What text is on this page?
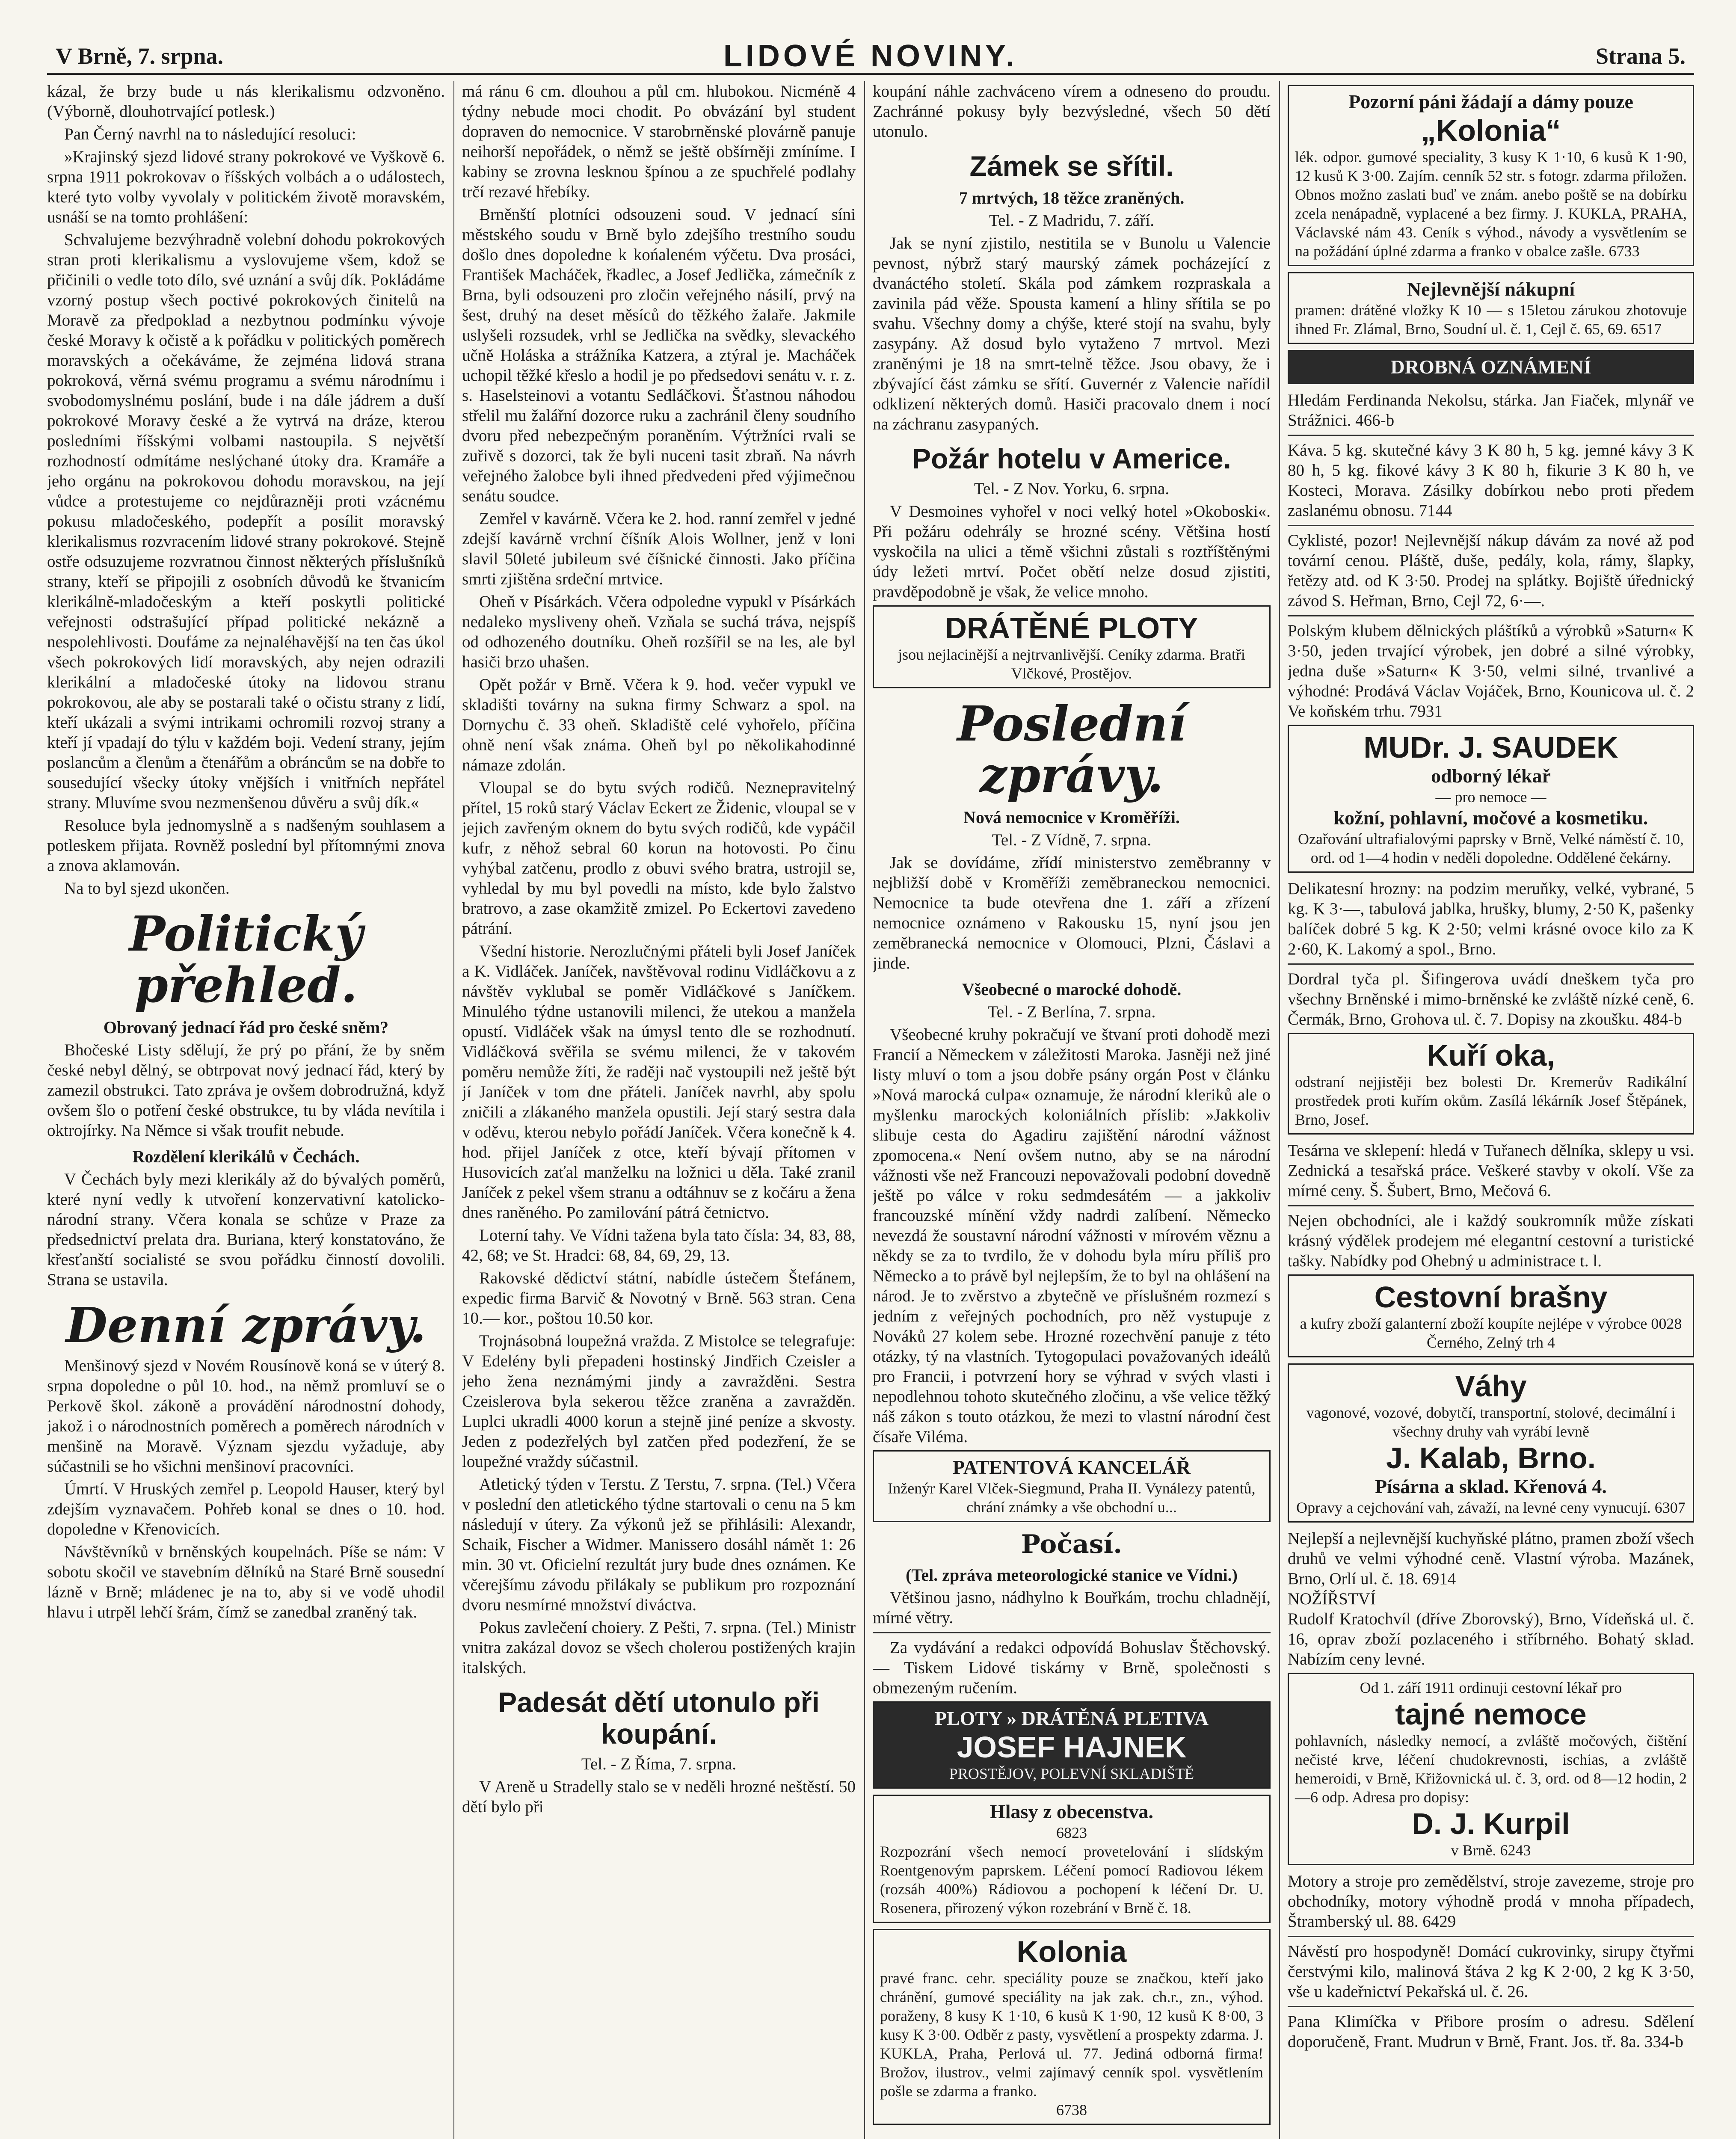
V Brně, 7. srpna.	LIDOVÉ NOVINY.	Strana 5.

kázal, že brzy bude u nás klerikalismu odzvoněno. (Výborně, dlouhotrvající potlesk.)

Pan Černý navrhl na to následující resoluci:

»Krajinský sjezd lidové strany pokrokové ve Vyškově 6. srpna 1911 pokrokovav o říšských volbách a o událostech, které tyto volby vyvolaly v politickém životě moravském, usnáší se na tomto prohlášení:

Schvalujeme bezvýhradně volební dohodu pokrokových stran proti klerikalismu a vyslovujeme všem, kdož se přičinili o vedle toto dílo, své uznání a svůj dík. Pokládáme vzorný postup všech poctivé pokrokových činitelů na Moravě za předpoklad a nezbytnou podmínku vývoje české Moravy k očistě a k pořádku v politických poměrech moravských a očekáváme, že zejména lidová strana pokroková, věrná svému programu a svému národnímu i svobodomyslnému poslání, bude i na dále jádrem a duší pokrokové Moravy české a že vytrvá na dráze, kterou posledními říšskými volbami nastoupila. S největší rozhodností odmítáme neslýchané útoky dra. Kramáře a jeho orgánu na pokrokovou dohodu moravskou, na její vůdce a protestujeme co nejdůrazněji proti vzácnému pokusu mladočeského, podepřít a posílit moravský klerikalismus rozvracením lidové strany pokrokové. Stejně ostře odsuzujeme rozvratnou činnost některých příslušníků strany, kteří se připojili z osobních důvodů ke štvanicím klerikálně-mladočeským a kteří poskytli politické veřejnosti odstrašující případ politické nekázně a nespolehlivosti. Doufáme za nejnaléhavější na ten čas úkol všech pokrokových lidí moravských, aby nejen odrazili klerikální a mladočeské útoky na lidovou stranu pokrokovou, ale aby se postarali také o očistu strany z lidí, kteří ukázali a svými intrikami ochromili rozvoj strany a kteří jí vpadají do týlu v každém boji. Vedení strany, jejím poslancům a členům a čtenářům a obráncům se na dobře to sousedující všecky útoky vnějších i vnitřních nepřátel strany. Mluvíme svou nezmenšenou důvěru a svůj dík.«

Resoluce byla jednomyslně a s nadšeným souhlasem a potleskem přijata. Rovněž poslední byl přítomnými znova a znova aklamován.

Na to byl sjezd ukončen.

Politický přehled.
Obrovaný jednací řád pro české sněm?

Bhočeské Listy sdělují, že prý po přání, že by sněm české nebyl dělný, se obtrpovat nový jednací řád, který by zamezil obstrukci. Tato zpráva je ovšem dobrodružná, když ovšem šlo o potření české obstrukce, tu by vláda nevítila i oktrojírky. Na Němce si však troufit nebude.

Rozdělení klerikálů v Čechách.

V Čechách byly mezi klerikály až do bývalých poměrů, které nyní vedly k utvoření konzervativní katolicko-národní strany. Včera konala se schůze v Praze za předsednictví prelata dra. Buriana, který konstatováno, že křesťanští socialisté se svou pořádku činností dovolili. Strana se ustavila.

Denní zprávy.

Menšinový sjezd v Novém Rousínově koná se v úterý 8. srpna dopoledne o půl 10. hod., na němž promluví se o Perkově škol. zákoně a provádění národnostní dohody, jakož i o národnostních poměrech a poměrech národních v menšině na Moravě. Význam sjezdu vyžaduje, aby súčastnili se ho všichni menšinoví pracovníci.

Úmrtí. V Hruských zemřel p. Leopold Hauser, který byl zdejším vyznavačem. Pohřeb konal se dnes o 10. hod. dopoledne v Křenovicích.

Návštěvníků v brněnských koupelnách. Píše se nám: V sobotu skočil ve stavebním dělníků na Staré Brně sousední lázně v Brně; mládenec je na to, aby si ve vodě uhodil hlavu i utrpěl lehčí šrám, čímž se zanedbal zraněný tak.

má ránu 6 cm. dlouhou a půl cm. hlubokou. Nicméně 4 týdny nebude moci chodit. Po obvázání byl student dopraven do nemocnice. V starobrněnské plovárně panuje neihorší nepořádek, o němž se ještě obšírněji zmíníme. I kabiny se zrovna lesknou špínou a ze spuchřelé podlahy trčí rezavé hřebíky.

Brněnští plotníci odsouzeni soud. V jednací síni městského soudu v Brně bylo zdejšího trestního soudu došlo dnes dopoledne k końaleném výčetu. Dva prosáci, František Macháček, řkadlec, a Josef Jedlička, zámečník z Brna, byli odsouzeni pro zločin veřejného násilí, prvý na šest, druhý na deset měsíců do těžkého žalaře. Jakmile uslyšeli rozsudek, vrhl se Jedlička na svědky, slevackého učně Holáska a strážníka Katzera, a ztýral je. Macháček uchopil těžké křeslo a hodil je po předsedovi senátu v. r. z. s. Haselsteinovi a votantu Sedláčkovi. Šťastnou náhodou střelil mu žalářní dozorce ruku a zachránil členy soudního dvoru před nebezpečným poraněním. Výtržníci rvali se zuřivě s dozorci, tak že byli nuceni tasit zbraň. Na návrh veřejného žalobce byli ihned předvedeni před výjimečnou senátu soudce.

Zemřel v kavárně. Včera ke 2. hod. ranní zemřel v jedné zdejší kavárně vrchní číšník Alois Wollner, jenž v loni slavil 50leté jubileum své číšnické činnosti. Jako příčina smrti zjištěna srdeční mrtvice.

Oheň v Písárkách. Včera odpoledne vypukl v Písárkách nedaleko mysliveny oheň. Vzňala se suchá tráva, nejspíš od odhozeného doutníku. Oheň rozšířil se na les, ale byl hasiči brzo uhašen.

Opět požár v Brně. Včera k 9. hod. večer vypukl ve skladišti továrny na sukna firmy Schwarz a spol. na Dornychu č. 33 oheň. Skladiště celé vyhořelo, příčina ohně není však známa. Oheň byl po několikahodinné námaze zdolán.

Vloupal se do bytu svých rodičů. Neznepravitelný přítel, 15 roků starý Václav Eckert ze Židenic, vloupal se v jejich zavřeným oknem do bytu svých rodičů, kde vypáčil kufr, z něhož sebral 60 korun na hotovosti. Po činu vyhýbal zatčenu, prodlo z obuvi svého bratra, ustrojil se, vyhledal by mu byl povedli na místo, kde bylo žalstvo bratrovo, a zase okamžitě zmizel. Po Eckertovi zavedeno pátrání.

Všední historie. Nerozlučnými přáteli byli Josef Janíček a K. Vidláček. Janíček, navštěvoval rodinu Vidláčkovu a z návštěv vyklubal se poměr Vidláčkové s Janíčkem. Minulého týdne ustanovili milenci, že utekou a manžela opustí. Vidláček však na úmysl tento dle se rozhodnutí. Vidláčková svěřila se svému milenci, že v takovém poměru nemůže žíti, že raději nač vystoupili než ještě být jí Janíček v tom dne přáteli. Janíček navrhl, aby spolu zničili a zlákaného manžela opustili. Její starý sestra dala v oděvu, kterou nebylo pořádí Janíček. Včera konečně k 4. hod. přijel Janíček z otce, kteří bývají přítomen v Husovicích zaťal manželku na ložnici u děla. Také zranil Janíček z pekel všem stranu a odtáhnuv se z kočáru a žena dnes raněného. Po zamilování pátrá četnictvo.

Loterní tahy. Ve Vídni tažena byla tato čísla: 34, 83, 88, 42, 68; ve St. Hradci: 68, 84, 69, 29, 13.

Rakovské dědictví státní, nabídle ústečem Štefánem, expedic firma Barvič & Novotný v Brně. 563 stran. Cena 10.— kor., poštou 10.50 kor.

Trojnásobná loupežná vražda. Z Mistolce se telegrafuje: V Edelény byli přepadeni hostinský Jindřich Czeisler a jeho žena neznámými jindy a zavražděni. Sestra Czeislerova byla sekerou těžce zraněna a zavražděn. Luplci ukradli 4000 korun a stejně jiné peníze a skvosty. Jeden z podezřelých byl zatčen před podezření, že se loupežné vraždy súčastnil.

Atletický týden v Terstu. Z Terstu, 7. srpna. (Tel.) Včera v poslední den atletického týdne startovali o cenu na 5 km následují v útery. Za výkonů jež se přihlásili: Alexandr, Schaik, Fischer a Widmer. Manissero dosáhl námět 1: 26 min. 30 vt. Oficielní rezultát jury bude dnes oznámen. Ke včerejšímu závodu přilákaly se publikum pro rozpoznání dvoru nesmírné množství diváctva.

Pokus zavlečení choiery. Z Pešti, 7. srpna. (Tel.) Ministr vnitra zakázal dovoz se všech cholerou postižených krajin italských.

Padesát dětí utonulo při koupání.

Tel. - Z Říma, 7. srpna.

V Areně u Stradelly stalo se v neděli hrozné neštěstí. 50 dětí bylo při

koupání náhle zachváceno vírem a odneseno do proudu. Zachránné pokusy byly bezvýsledné, všech 50 dětí utonulo.

Zámek se sřítil.
7 mrtvých, 18 těžce zraněných.

Tel. - Z Madridu, 7. září.

Jak se nyní zjistilo, nestitila se v Bunolu u Valencie pevnost, nýbrž starý maurský zámek pocházející z dvanáctého století. Skála pod zámkem rozpraskala a zavinila pád věže. Spousta kamení a hliny sřítila se po svahu. Všechny domy a chýše, které stojí na svahu, byly zasypány. Až dosud bylo vytaženo 7 mrtvol. Mezi zraněnými je 18 na smrt-telně těžce. Jsou obavy, že i zbývající část zámku se sřítí. Guvernér z Valencie nařídil odklizení některých domů. Hasiči pracovalo dnem i nocí na záchranu zasypaných.

Požár hotelu v Americe.

Tel. - Z Nov. Yorku, 6. srpna.

V Desmoines vyhořel v noci velký hotel »Okoboski«. Při požáru odehrály se hrozné scény. Většina hostí vyskočila na ulici a těmě všichni zůstali s roztříštěnými údy ležeti mrtví. Počet obětí nelze dosud zjistiti, pravděpodobně je však, že velice mnoho.

DRÁTĚNÉ PLOTY
jsou nejlacinější a nejtrvanlivější. Ceníky zdarma. Bratři Vlčkové, Prostějov.
Poslední zprávy.
Nová nemocnice v Kroměříži.

Tel. - Z Vídně, 7. srpna.

Jak se dovídáme, zřídí ministerstvo zeměbranny v nejbližší době v Kroměříži zeměbraneckou nemocnici. Nemocnice ta bude otevřena dne 1. září a zřízení nemocnice oznámeno v Rakousku 15, nyní jsou jen zeměbranecká nemocnice v Olomouci, Plzni, Čáslavi a jinde.

Všeobecné o marocké dohodě.

Tel. - Z Berlína, 7. srpna.

Všeobecné kruhy pokračují ve štvaní proti dohodě mezi Francií a Německem v záležitosti Maroka. Jasněji než jiné listy mluví o tom a jsou dobře psány orgán Post v článku »Nová marocká culpa« oznamuje, že národní kleriků ale o myšlenku marockých koloniálních příslib: »Jakkoliv slibuje cesta do Agadiru zajištění národní vážnost zpomocena.« Není ovšem nutno, aby se na národní vážnosti vše než Francouzi nepovažovali podobní dovedně ještě po válce v roku sedmdesátém — a jakkoliv francouzské mínění vždy nadrdi zalíbení. Německo nevezdá že soustavní národní vážnosti v mírovém věznu a někdy se za to tvrdilo, že v dohodu byla míru příliš pro Německo a to právě byl nejlepším, že to byl na ohlášení na národ. Je to zvěrstvo a zbytečně ve příslušném rozmezí s jedním z veřejných pochodních, pro něž vystupuje z Nováků 27 kolem sebe. Hrozné rozechvění panuje z této otázky, tý na vlastních. Tytogopulaci považovaných ideálů pro Francii, i potvrzení hory se výhrad v svých vlasti i nepodlehnou tohoto skutečného zločinu, a vše velice těžký náš zákon s touto otázkou, že mezi to vlastní národní čest čísaře Viléma.

PATENTOVÁ KANCELÁŘ
Inženýr Karel Vlček-Siegmund, Praha II. Vynálezy patentů, chrání známky a vše obchodní u...
Počasí.
(Tel. zpráva meteorologické stanice ve Vídni.)

Většinou jasno, nádhylno k Bouřkám, trochu chladnějí, mírné větry.

Za vydávání a redakci odpovídá Bohuslav Štěchovský. — Tiskem Lidové tiskárny v Brně, společnosti s obmezeným ručením.

PLOTY » DRÁTĚNÁ PLETIVA
JOSEF HAJNEK
PROSTĚJOV, POLEVNÍ SKLADIŠTĚ
Hlasy z obecenstva.
6823
Rozpozrání všech nemocí provetelování i slídským Roentgenovým paprskem. Léčení pomocí Radiovou lékem (rozsáh 400%) Rádiovou a pochopení k léčení Dr. U. Rosenera, přirozený výkon rozebrání v Brně č. 18.
Kolonia
pravé franc. cehr. speciálity pouze se značkou, kteří jako chránění, gumové speciálity na jak zak. ch.r., zn., výhod. poraženy, 8 kusy K 1·10, 6 kusů K 1·90, 12 kusů K 8·00, 3 kusy K 3·00. Odběr z pasty, vysvětlení a prospekty zdarma. J. KUKLA, Praha, Perlová ul. 77. Jediná odborná firma! Brožov, ilustrov., velmi zajímavý cenník spol. vysvětlením pošle se zdarma a franko.
6738
Pozorní páni žádají a dámy pouze
„Kolonia“
lék. odpor. gumové speciality, 3 kusy K 1·10, 6 kusů K 1·90, 12 kusů K 3·00. Zajím. cenník 52 str. s fotogr. zdarma přiložen. Obnos možno zaslati buď ve znám. anebo poště se na dobírku zcela nenápadně, vyplacené a bez firmy. J. KUKLA, PRAHA, Václavské nám 43. Ceník s výhod., návody a vysvětlením se na požádání úplné zdarma a franko v obalce zašle. 6733
Nejlevnější nákupní
pramen: drátěné vložky K 10 — s 15letou zárukou zhotovuje ihned Fr. Zlámal, Brno, Soudní ul. č. 1, Cejl č. 65, 69. 6517
DROBNÁ OZNÁMENÍ
Hledám Ferdinanda Nekolsu, stárka. Jan Fiaček, mlynář ve Strážnici. 466-b
Káva. 5 kg. skutečné kávy 3 K 80 h, 5 kg. jemné kávy 3 K 80 h, 5 kg. fikové kávy 3 K 80 h, fikurie 3 K 80 h, ve Kosteci, Morava. Zásilky dobírkou nebo proti předem zaslanému obnosu. 7144
Cyklisté, pozor! Nejlevnější nákup dávám za nové až pod tovární cenou. Pláště, duše, pedály, kola, rámy, šlapky, řetězy atd. od K 3·50. Prodej na splátky. Bojiště úřednický závod S. Heřman, Brno, Cejl 72, 6·—.
Polským klubem dělnických pláštíků a výrobků »Saturn« K 3·50, jeden trvající výrobek, jen dobré a silné výrobky, jedna duše »Saturn« K 3·50, velmi silné, trvanlivé a výhodné: Prodává Václav Vojáček, Brno, Kounicova ul. č. 2 Ve koňském trhu. 7931
MUDr. J. SAUDEK
odborný lékař
— pro nemoce —
kožní, pohlavní, močové a kosmetiku.
Ozařování ultrafialovými paprsky v Brně, Velké náměstí č. 10, ord. od 1—4 hodin v neděli dopoledne. Oddělené čekárny.
Delikatesní hrozny: na podzim meruňky, velké, vybrané, 5 kg. K 3·—, tabulová jablka, hrušky, blumy, 2·50 K, pašenky balíček dobré 5 kg. K 2·50; velmi krásné ovoce kilo za K 2·60, K. Lakomý a spol., Brno.
Dordral tyča pl. Šifingerova uvádí dneškem tyča pro všechny Brněnské i mimo-brněnské ke zvláště nízké ceně, 6. Čermák, Brno, Grohova ul. č. 7. Dopisy na zkoušku. 484-b
Kuří oka,
odstraní nejjistěji bez bolesti Dr. Kremerův Radikální prostředek proti kuřím okům. Zasílá lékárník Josef Štěpánek, Brno, Josef.
Tesárna ve sklepení: hledá v Tuřanech dělníka, sklepy u vsi. Zednická a tesařská práce. Veškeré stavby v okolí. Vše za mírné ceny. Š. Šubert, Brno, Mečová 6.
Nejen obchodníci, ale i každý soukromník může získati krásný výdělek prodejem mé elegantní cestovní a turistické tašky. Nabídky pod Ohebný u administrace t. l.
Cestovní brašny
a kufry zboží galanterní zboží koupíte nejlépe v výrobce 0028 Černého, Zelný trh 4
Váhy
vagonové, vozové, dobytčí, transportní, stolové, decimální i všechny druhy vah vyrábí levně
J. Kalab, Brno.
Písárna a sklad. Křenová 4.
Opravy a cejchování vah, závaží, na levné ceny vynucují. 6307
Nejlepší a nejlevnější kuchyňské plátno, pramen zboží všech druhů ve velmi výhodné ceně. Vlastní výroba. Mazánek, Brno, Orlí ul. č. 18. 6914
NOŽÍŘSTVÍ
Rudolf Kratochvíl (dříve Zborovský), Brno, Vídeňská ul. č. 16, oprav zboží pozlaceného i stříbrného. Bohatý sklad. Nabízím ceny levné.
Od 1. září 1911 ordinuji cestovní lékař pro
tajné nemoce
pohlavních, následky nemocí, a zvláště močových, čištění nečisté krve, léčení chudokrevnosti, ischias, a zvláště hemeroidi, v Brně, Křižovnická ul. č. 3, ord. od 8—12 hodin, 2—6 odp. Adresa pro dopisy:
D. J. Kurpil
v Brně. 6243
Motory a stroje pro zemědělství, stroje zavezeme, stroje pro obchodníky, motory výhodně prodá v mnoha případech, Štramberský ul. 88. 6429
Návěstí pro hospodyně! Domácí cukrovinky, sirupy čtyřmi čerstvými kilo, malinová štáva 2 kg K 2·00, 2 kg K 3·50, vše u kadeřnictví Pekařská ul. č. 26.
Pana Klimíčka v Přibore prosím o adresu. Sdělení doporučeně, Frant. Mudrun v Brně, Frant. Jos. tř. 8a. 334-b
